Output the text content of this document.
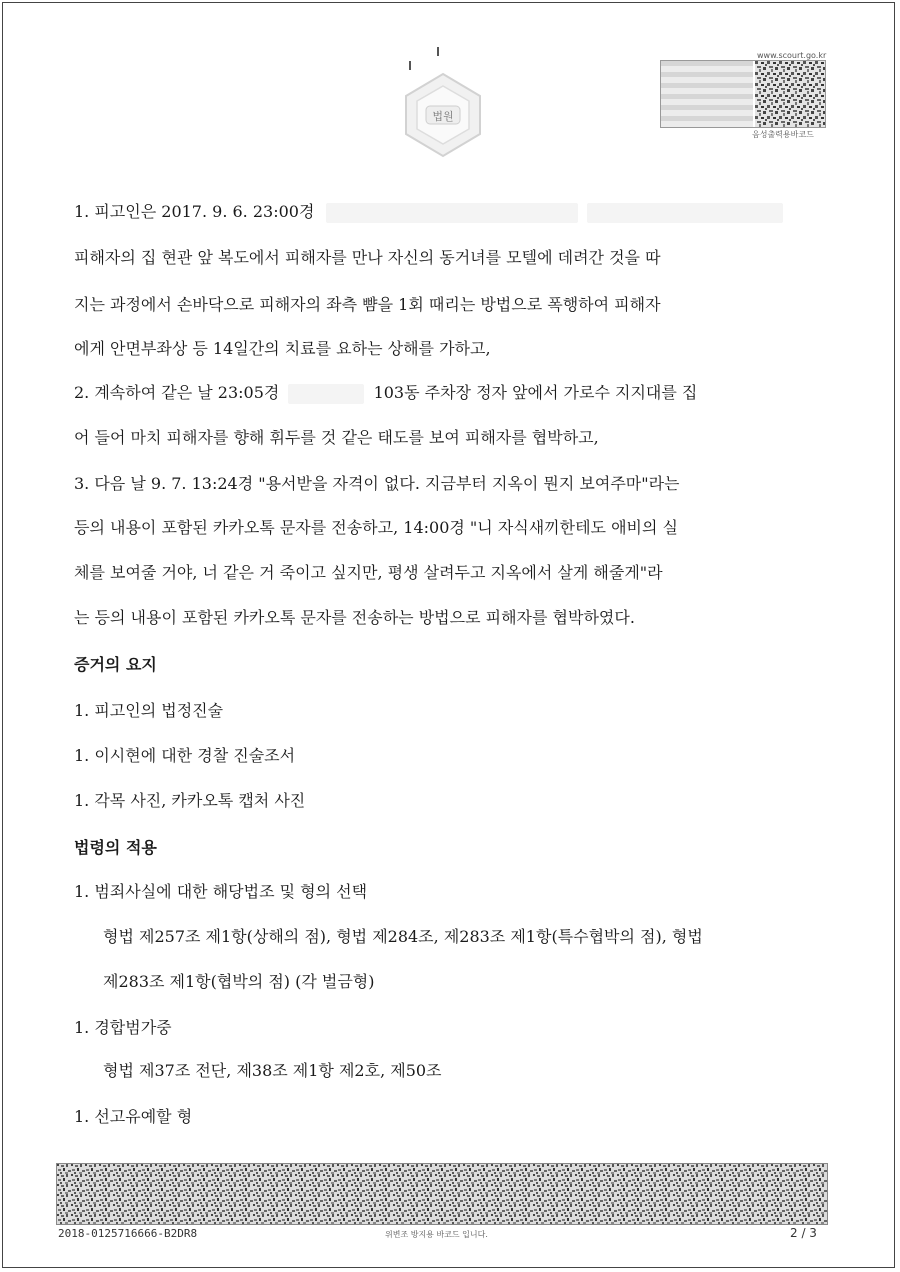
법원
www.scourt.go.kr
음성출력용바코드
1. 피고인은 2017. 9. 6. 23:00경
피해자의 집 현관 앞 복도에서 피해자를 만나 자신의 동거녀를 모텔에 데려간 것을 따
지는 과정에서 손바닥으로 피해자의 좌측 뺨을 1회 때리는 방법으로 폭행하여 피해자
에게 안면부좌상 등 14일간의 치료를 요하는 상해를 가하고,
2. 계속하여 같은 날 23:05경	103동 주차장 정자 앞에서 가로수 지지대를 집
어 들어 마치 피해자를 향해 휘두를 것 같은 태도를 보여 피해자를 협박하고,
3. 다음 날 9. 7. 13:24경 "용서받을 자격이 없다. 지금부터 지옥이 뭔지 보여주마"라는
등의 내용이 포함된 카카오톡 문자를 전송하고, 14:00경 "니 자식새끼한테도 애비의 실
체를 보여줄 거야, 너 같은 거 죽이고 싶지만, 평생 살려두고 지옥에서 살게 해줄게"라
는 등의 내용이 포함된 카카오톡 문자를 전송하는 방법으로 피해자를 협박하였다.
증거의 요지
1. 피고인의 법정진술
1. 이시현에 대한 경찰 진술조서
1. 각목 사진, 카카오톡 캡처 사진
법령의 적용
1. 범죄사실에 대한 해당법조 및 형의 선택
형법 제257조 제1항(상해의 점), 형법 제284조, 제283조 제1항(특수협박의 점), 형법
제283조 제1항(협박의 점) (각 벌금형)
1. 경합범가중
형법 제37조 전단, 제38조 제1항 제2호, 제50조
1. 선고유예할 형
2018-0125716666-B2DR8	위변조 방지용 바코드 입니다.	2 / 3
